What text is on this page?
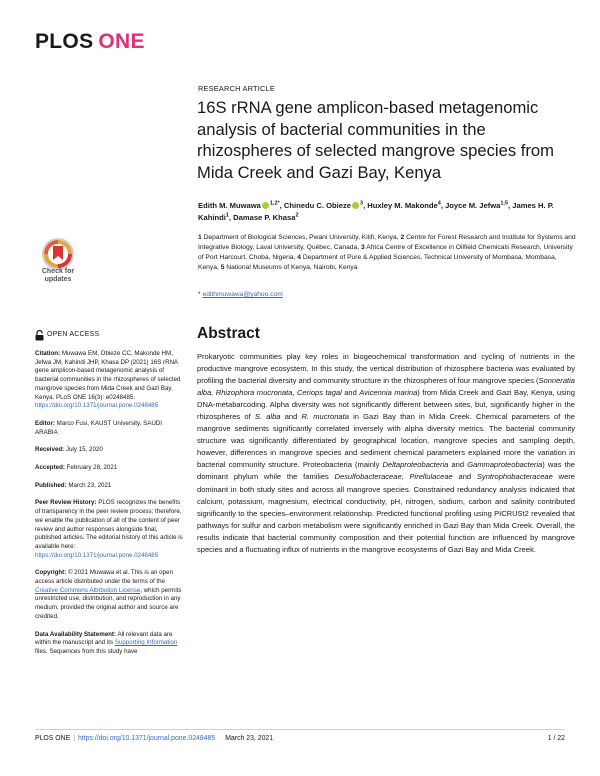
PLOS ONE
RESEARCH ARTICLE
16S rRNA gene amplicon-based metagenomic analysis of bacterial communities in the rhizospheres of selected mangrove species from Mida Creek and Gazi Bay, Kenya
Edith M. Muwawa $^{1,2*}$, Chinedu C. Obieze $^3$, Huxley M. Makonde$^4$, Joyce M. Jefwa$^{1,5}$, James H. P. Kahindi$^1$, Damase P. Khasa$^2$
1 Department of Biological Sciences, Pwani University, Kilifi, Kenya, 2 Centre for Forest Research and Institute for Systems and Integrative Biology, Laval University, Québec, Canada, 3 Africa Centre of Excellence in Oilfield Chemicals Research, University of Port Harcourt, Choba, Nigeria, 4 Department of Pure & Applied Sciences, Technical University of Mombasa, Mombasa, Kenya, 5 National Museums of Kenya, Nairobi, Kenya
* edithmuwawa@yahoo.com
Check for
updates
OPEN ACCESS
Citation: Muwawa EM, Obieze CC, Makonde HM, Jefwa JM, Kahindi JHP, Khasa DP (2021) 16S rRNA gene amplicon-based metagenomic analysis of bacterial communities in the rhizospheres of selected mangrove species from Mida Creek and Gazi Bay, Kenya. PLoS ONE 16(3): e0248485. https://doi.org/10.1371/journal.pone.0248485
Editor: Marco Fusi, KAUST University, SAUDI ARABIA
Received: July 15, 2020
Accepted: February 28, 2021
Published: March 23, 2021
Peer Review History: PLOS recognizes the benefits of transparency in the peer review process; therefore, we enable the publication of all of the content of peer review and author responses alongside final, published articles. The editorial history of this article is available here: https://doi.org/10.1371/journal.pone.0248485
Copyright: © 2021 Muwawa et al. This is an open access article distributed under the terms of the Creative Commons Attribution License, which permits unrestricted use, distribution, and reproduction in any medium, provided the original author and source are credited.
Data Availability Statement: All relevant data are within the manuscript and its Supporting Information files. Sequences from this study have
Abstract

Prokaryotic communities play key roles in biogeochemical transformation and cycling of nutrients in the productive mangrove ecosystem. In this study, the vertical distribution of rhizosphere bacteria was evaluated by profiling the bacterial diversity and community structure in the rhizospheres of four mangrove species (Sonneratia alba, Rhizophora mucronata, Ceriops tagal and Avicennia marina) from Mida Creek and Gazi Bay, Kenya, using DNA-metabarcoding. Alpha diversity was not significantly different between sites, but, significantly higher in the rhizospheres of S. alba and R. mucronata in Gazi Bay than in Mida Creek. Chemical parameters of the mangrove sediments significantly correlated inversely with alpha diversity metrics. The bacterial community structure was significantly differentiated by geographical location, mangrove species and sampling depth, however, differences in mangrove species and sediment chemical parameters explained more the variation in bacterial community structure. Proteobacteria (mainly Deltaproteobacteria and Gammaproteobacteria) was the dominant phylum while the families Desulfobacteraceae, Pirellulaceae and Syntrophobacteraceae were dominant in both study sites and across all mangrove species. Constrained redundancy analysis indicated that calcium, potassium, magnesium, electrical conductivity, pH, nitrogen, sodium, carbon and salinity contributed significantly to the species–environment relationship. Predicted functional profiling using PICRUSt2 revealed that pathways for sulfur and carbon metabolism were significantly enriched in Gazi Bay than Mida Creek. Overall, the results indicate that bacterial community composition and their potential function are influenced by mangrove species and a fluctuating influx of nutrients in the mangrove ecosystems of Gazi Bay and Mida Creek.

PLOS ONE | https://doi.org/10.1371/journal.pone.0248485 March 23, 2021	1 / 22
